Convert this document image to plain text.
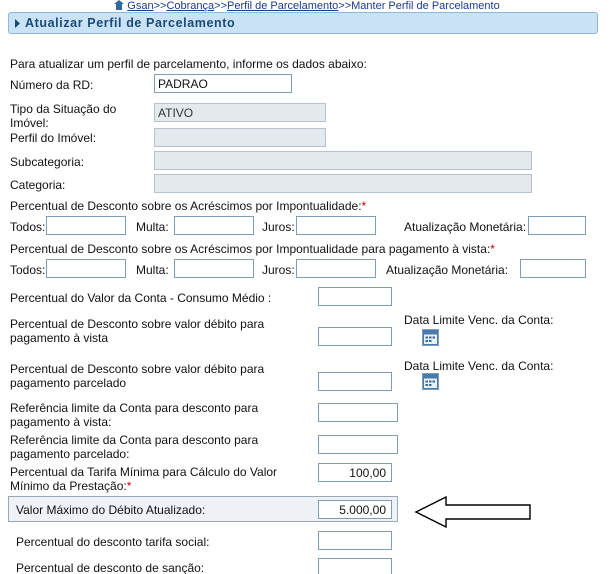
Gsan>>Cobrança>>Perfil de Parcelamento>>Manter Perfil de Parcelamento
Atualizar Perfil de Parcelamento
Para atualizar um perfil de parcelamento, informe os dados abaixo:
Número da RD:
PADRAO
Tipo da Situação do Imóvel:
ATIVO
Perfil do Imóvel:
Subcategoria:
Categoria:
Percentual de Desconto sobre os Acréscimos por Impontualidade:*
Todos:	Multa:	Juros:	Atualização Monetária:
Percentual de Desconto sobre os Acréscimos por Impontualidade para pagamento à vista:*
Todos:	Multa:	Juros:	Atualização Monetária:
Percentual do Valor da Conta - Consumo Médio :
Percentual de Desconto sobre valor débito para pagamento à vista
Data Limite Venc. da Conta:
Percentual de Desconto sobre valor débito para pagamento parcelado
Data Limite Venc. da Conta:
Referência limite da Conta para desconto para pagamento à vista:
Referência limite da Conta para desconto para pagamento parcelado:
Percentual da Tarifa Mínima para Cálculo do Valor Mínimo da Prestação:*
100,00
Valor Máximo do Débito Atualizado:
5.000,00
Percentual do desconto tarifa social:
Percentual de desconto de sanção:
